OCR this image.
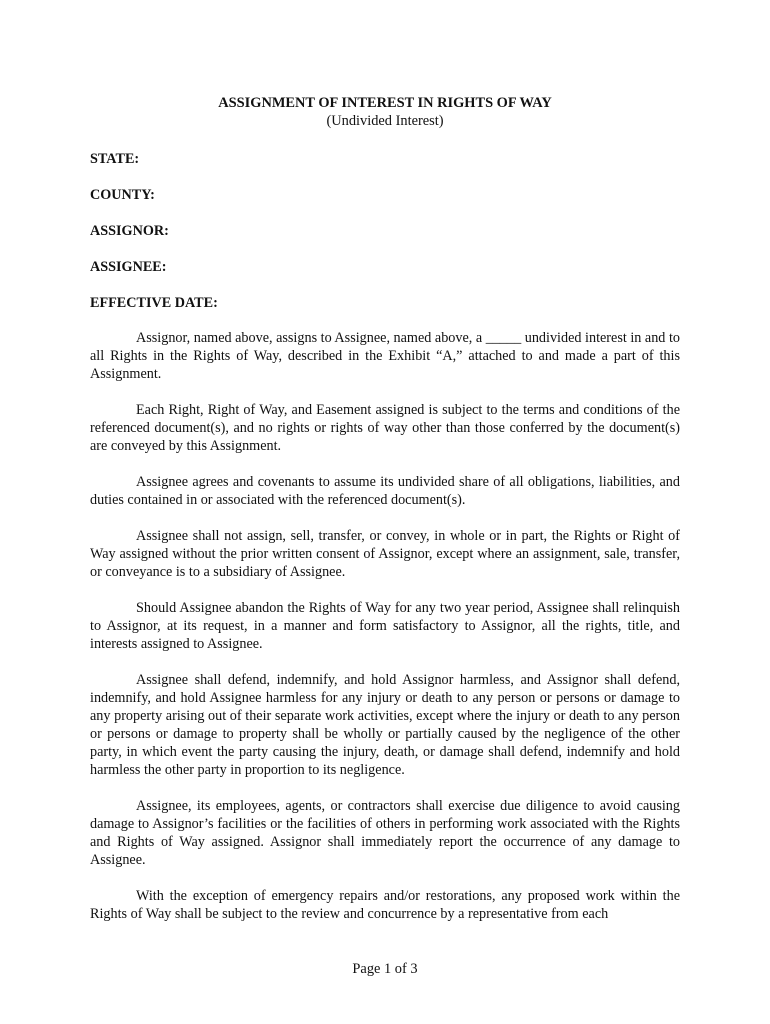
ASSIGNMENT OF INTEREST IN RIGHTS OF WAY
(Undivided Interest)
STATE:
COUNTY:
ASSIGNOR:
ASSIGNEE:
EFFECTIVE DATE:

Assignor, named above, assigns to Assignee, named above, a _____ undivided interest in and to all Rights in the Rights of Way, described in the Exhibit “A,” attached to and made a part of this Assignment.

Each Right, Right of Way, and Easement assigned is subject to the terms and conditions of the referenced document(s), and no rights or rights of way other than those conferred by the document(s) are conveyed by this Assignment.

Assignee agrees and covenants to assume its undivided share of all obligations, liabilities, and duties contained in or associated with the referenced document(s).

Assignee shall not assign, sell, transfer, or convey, in whole or in part, the Rights or Right of Way assigned without the prior written consent of Assignor, except where an assignment, sale, transfer, or conveyance is to a subsidiary of Assignee.

Should Assignee abandon the Rights of Way for any two year period, Assignee shall relinquish to Assignor, at its request, in a manner and form satisfactory to Assignor, all the rights, title, and interests assigned to Assignee.

Assignee shall defend, indemnify, and hold Assignor harmless, and Assignor shall defend, indemnify, and hold Assignee harmless for any injury or death to any person or persons or damage to any property arising out of their separate work activities, except where the injury or death to any person or persons or damage to property shall be wholly or partially caused by the negligence of the other party, in which event the party causing the injury, death, or damage shall defend, indemnify and hold harmless the other party in proportion to its negligence.

Assignee, its employees, agents, or contractors shall exercise due diligence to avoid causing damage to Assignor’s facilities or the facilities of others in performing work associated with the Rights and Rights of Way assigned. Assignor shall immediately report the occurrence of any damage to Assignee.

With the exception of emergency repairs and/or restorations, any proposed work within the Rights of Way shall be subject to the review and concurrence by a representative from each

Page 1 of 3
